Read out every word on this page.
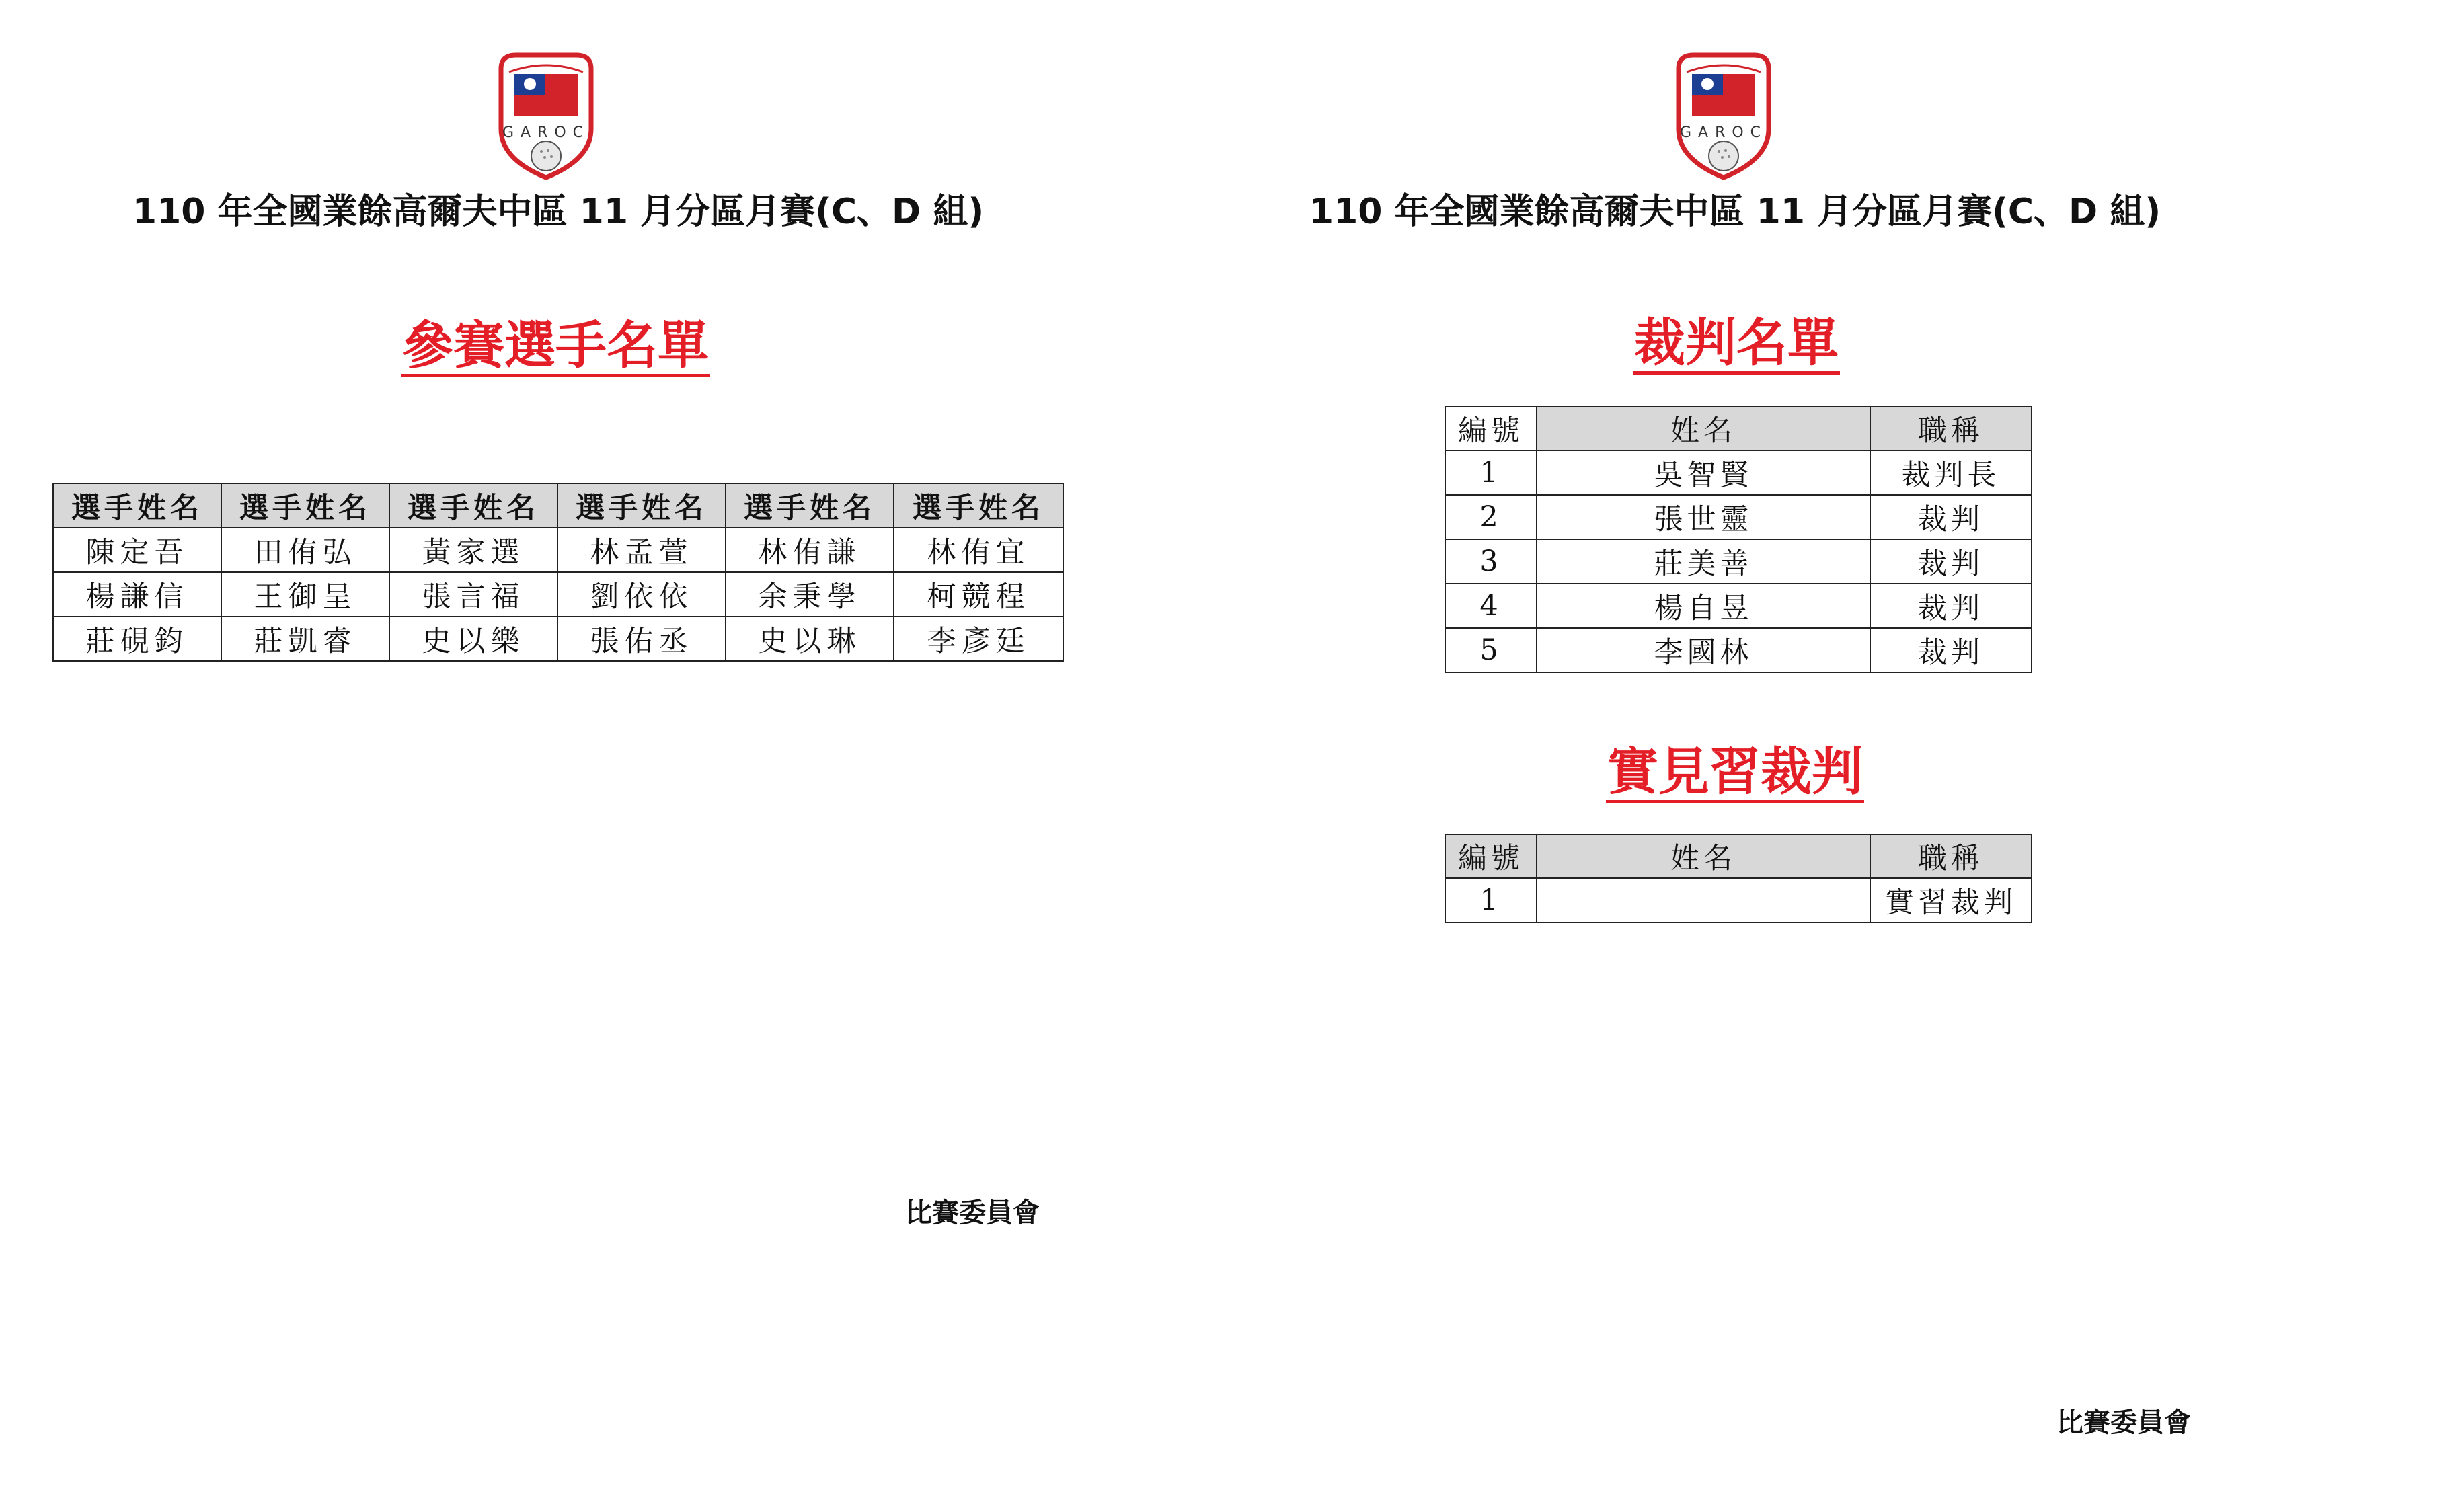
GAROC
110 年全國業餘高爾夫中區 11 月分區月賽(C、D 組)
參賽選手名單
選手姓名	選手姓名	選手姓名	選手姓名	選手姓名	選手姓名
陳定吾	田侑弘	黃家選	林孟萱	林侑謙	林侑宜
楊謙信	王御呈	張言福	劉依依	余秉學	柯競程
莊硯鈞	莊凱睿	史以樂	張佑丞	史以琳	李彥廷
比賽委員會
GAROC
110 年全國業餘高爾夫中區 11 月分區月賽(C、D 組)
裁判名單
編號	姓名	職稱
1	吳智賢	裁判長
2	張世靈	裁判
3	莊美善	裁判
4	楊自昱	裁判
5	李國林	裁判
實見習裁判
編號	姓名	職稱
1		實習裁判
比賽委員會
